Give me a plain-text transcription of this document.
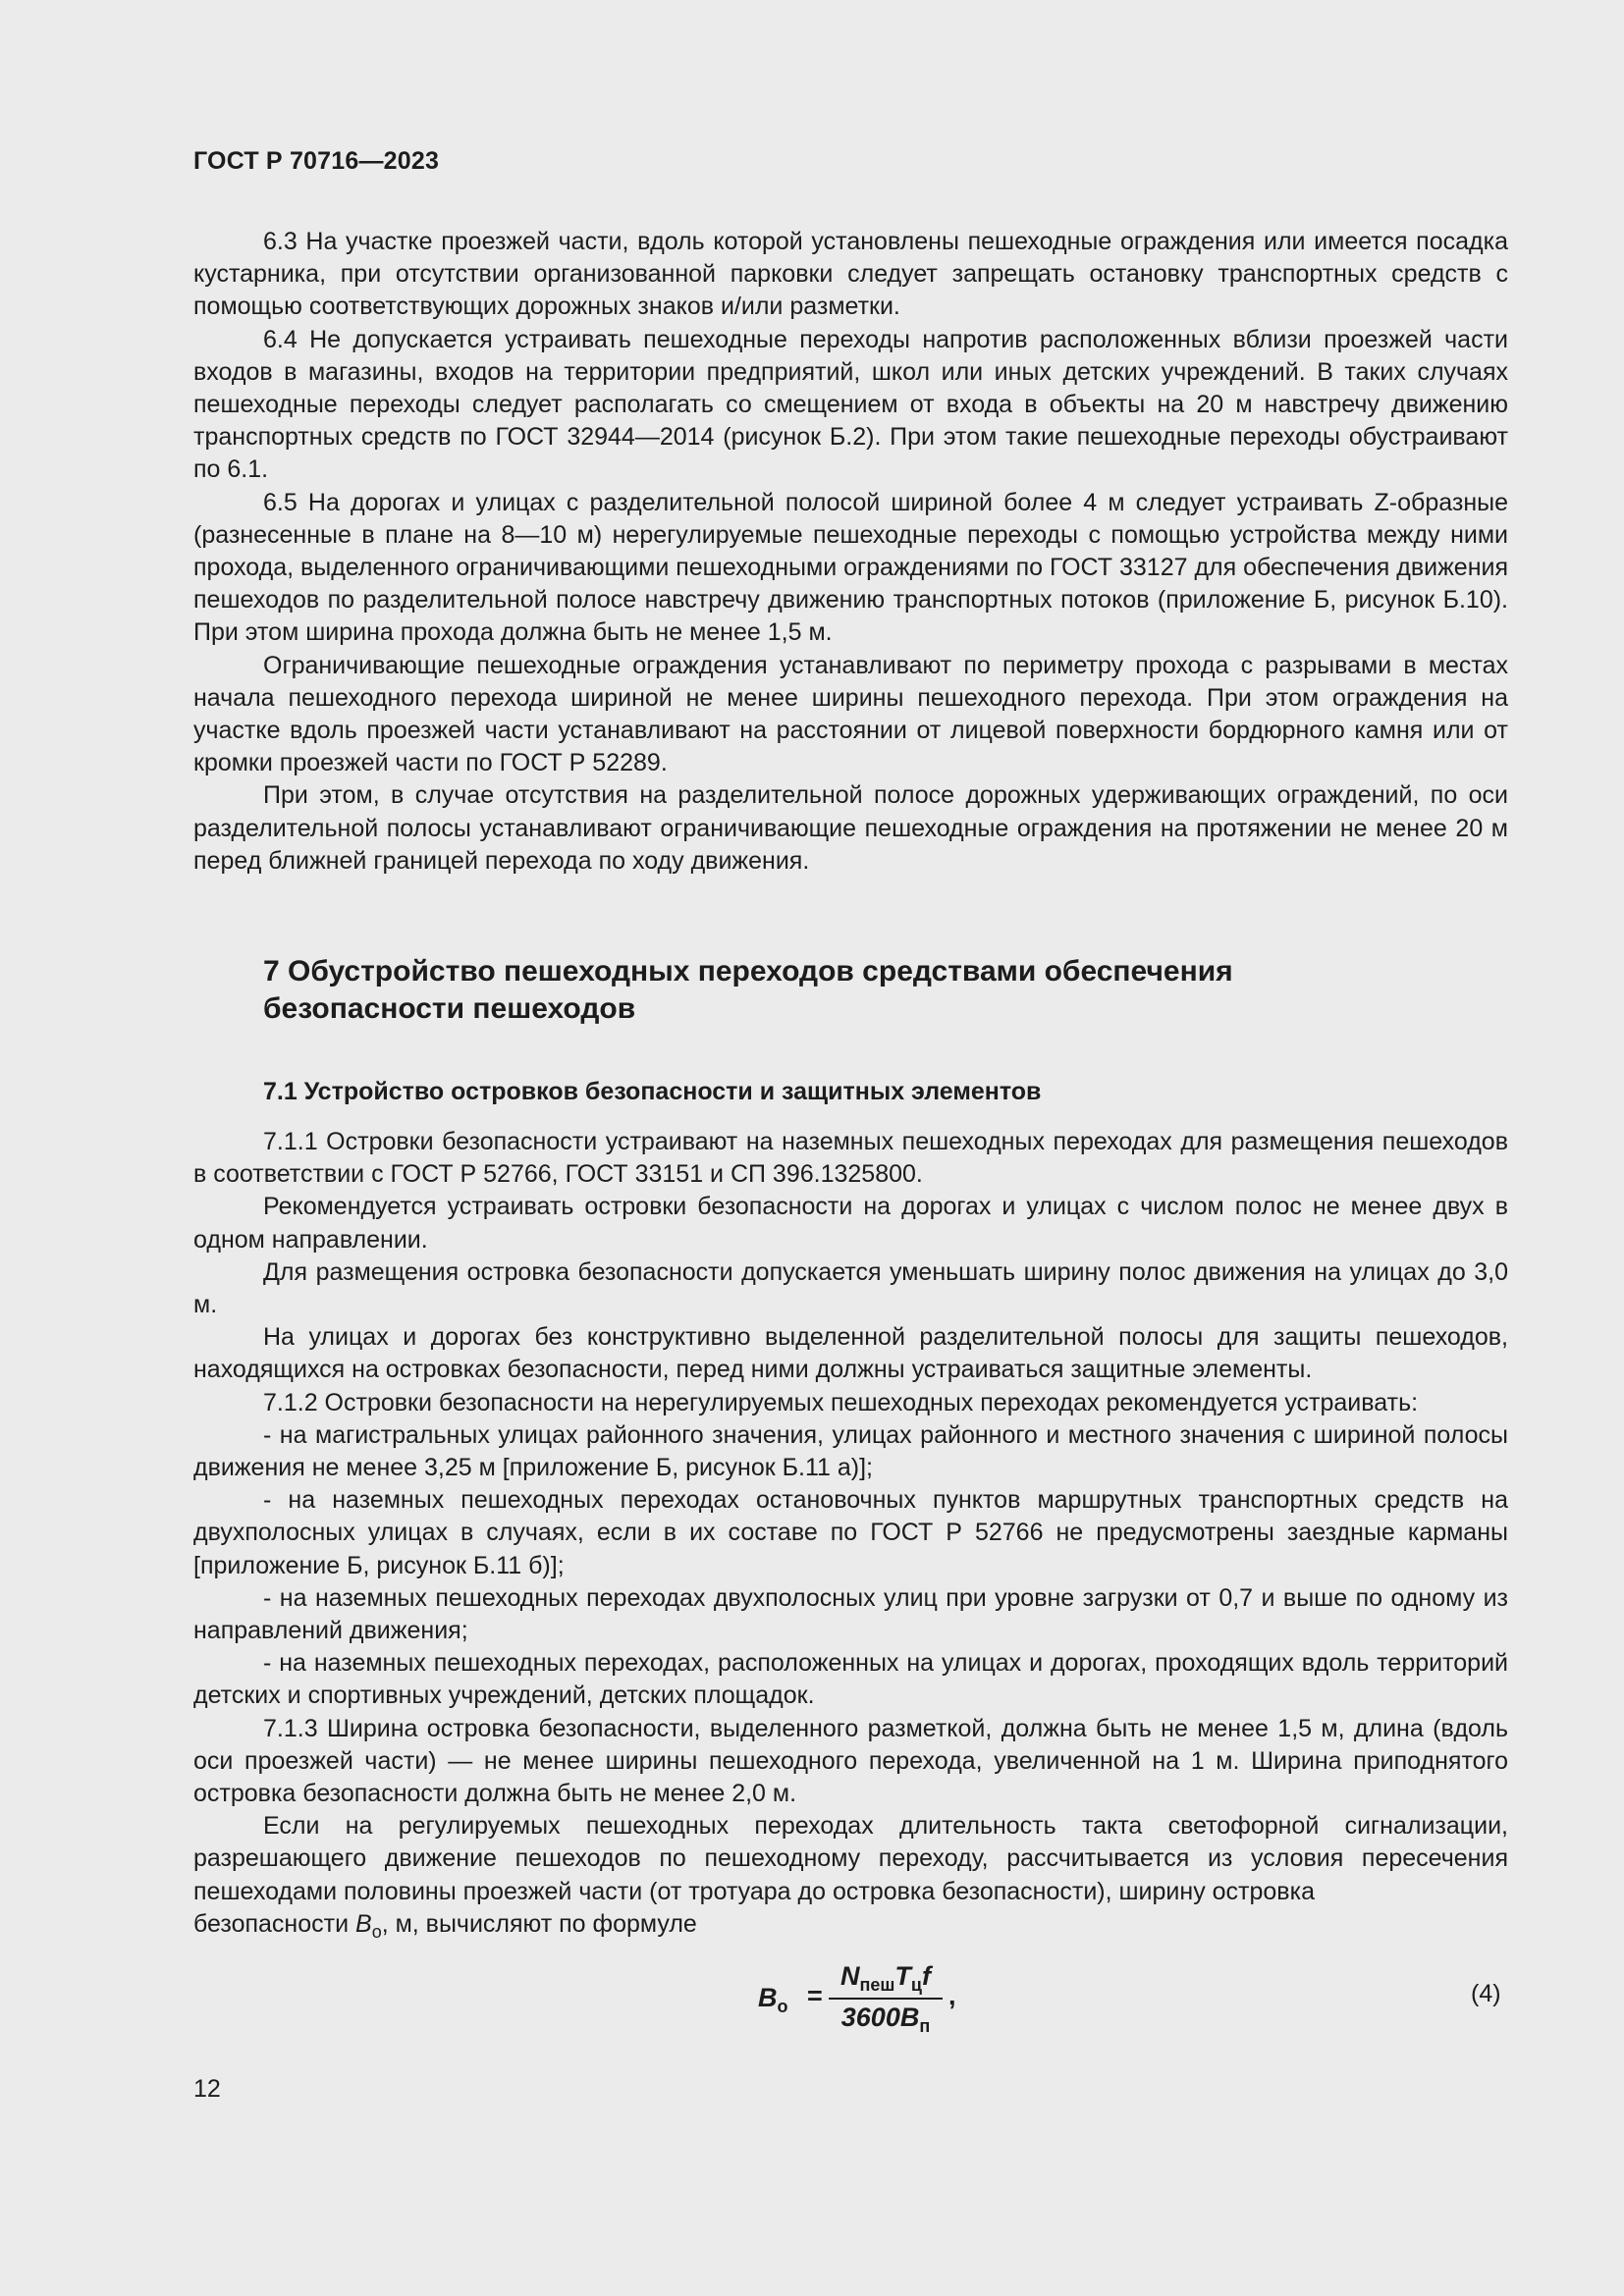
ГОСТ Р 70716—2023

6.3 На участке проезжей части, вдоль которой установлены пешеходные ограждения или имеется посадка кустарника, при отсутствии организованной парковки следует запрещать остановку транспортных средств с помощью соответствующих дорожных знаков и/или разметки.

6.4 Не допускается устраивать пешеходные переходы напротив расположенных вблизи проезжей части входов в магазины, входов на территории предприятий, школ или иных детских учреждений. В таких случаях пешеходные переходы следует располагать со смещением от входа в объекты на 20 м навстречу движению транспортных средств по ГОСТ 32944—2014 (рисунок Б.2). При этом такие пешеходные переходы обустраивают по 6.1.

6.5 На дорогах и улицах с разделительной полосой шириной более 4 м следует устраивать Z-образные (разнесенные в плане на 8—10 м) нерегулируемые пешеходные переходы с помощью устройства между ними прохода, выделенного ограничивающими пешеходными ограждениями по ГОСТ 33127 для обеспечения движения пешеходов по разделительной полосе навстречу движению транспортных потоков (приложение Б, рисунок Б.10). При этом ширина прохода должна быть не менее 1,5 м.

Ограничивающие пешеходные ограждения устанавливают по периметру прохода с разрывами в местах начала пешеходного перехода шириной не менее ширины пешеходного перехода. При этом ограждения на участке вдоль проезжей части устанавливают на расстоянии от лицевой поверхности бордюрного камня или от кромки проезжей части по ГОСТ Р 52289.

При этом, в случае отсутствия на разделительной полосе дорожных удерживающих ограждений, по оси разделительной полосы устанавливают ограничивающие пешеходные ограждения на протяжении не менее 20 м перед ближней границей перехода по ходу движения.

7 Обустройство пешеходных переходов средствами обеспечения безопасности пешеходов
7.1 Устройство островков безопасности и защитных элементов

7.1.1 Островки безопасности устраивают на наземных пешеходных переходах для размещения пешеходов в соответствии с ГОСТ Р 52766, ГОСТ 33151 и СП 396.1325800.

Рекомендуется устраивать островки безопасности на дорогах и улицах с числом полос не менее двух в одном направлении.

Для размещения островка безопасности допускается уменьшать ширину полос движения на улицах до 3,0 м.

На улицах и дорогах без конструктивно выделенной разделительной полосы для защиты пешеходов, находящихся на островках безопасности, перед ними должны устраиваться защитные элементы.

7.1.2 Островки безопасности на нерегулируемых пешеходных переходах рекомендуется устраивать:

- на магистральных улицах районного значения, улицах районного и местного значения с шириной полосы движения не менее 3,25 м [приложение Б, рисунок Б.11 а)];

- на наземных пешеходных переходах остановочных пунктов маршрутных транспортных средств на двухполосных улицах в случаях, если в их составе по ГОСТ Р 52766 не предусмотрены заездные карманы [приложение Б, рисунок Б.11 б)];

- на наземных пешеходных переходах двухполосных улиц при уровне загрузки от 0,7 и выше по одному из направлений движения;

- на наземных пешеходных переходах, расположенных на улицах и дорогах, проходящих вдоль территорий детских и спортивных учреждений, детских площадок.

7.1.3 Ширина островка безопасности, выделенного разметкой, должна быть не менее 1,5 м, длина (вдоль оси проезжей части) — не менее ширины пешеходного перехода, увеличенной на 1 м. Ширина приподнятого островка безопасности должна быть не менее 2,0 м.

Если на регулируемых пешеходных переходах длительность такта светофорной сигнализации, разрешающего движение пешеходов по пешеходному переходу, рассчитывается из условия пересечения пешеходами половины проезжей части (от тротуара до островка безопасности), ширину островка

безопасности $B_о$, м, вычисляют по формуле

$B_о$ =
$N_{пеш}T_цf$
$3600B_п$
,	(4)
12
